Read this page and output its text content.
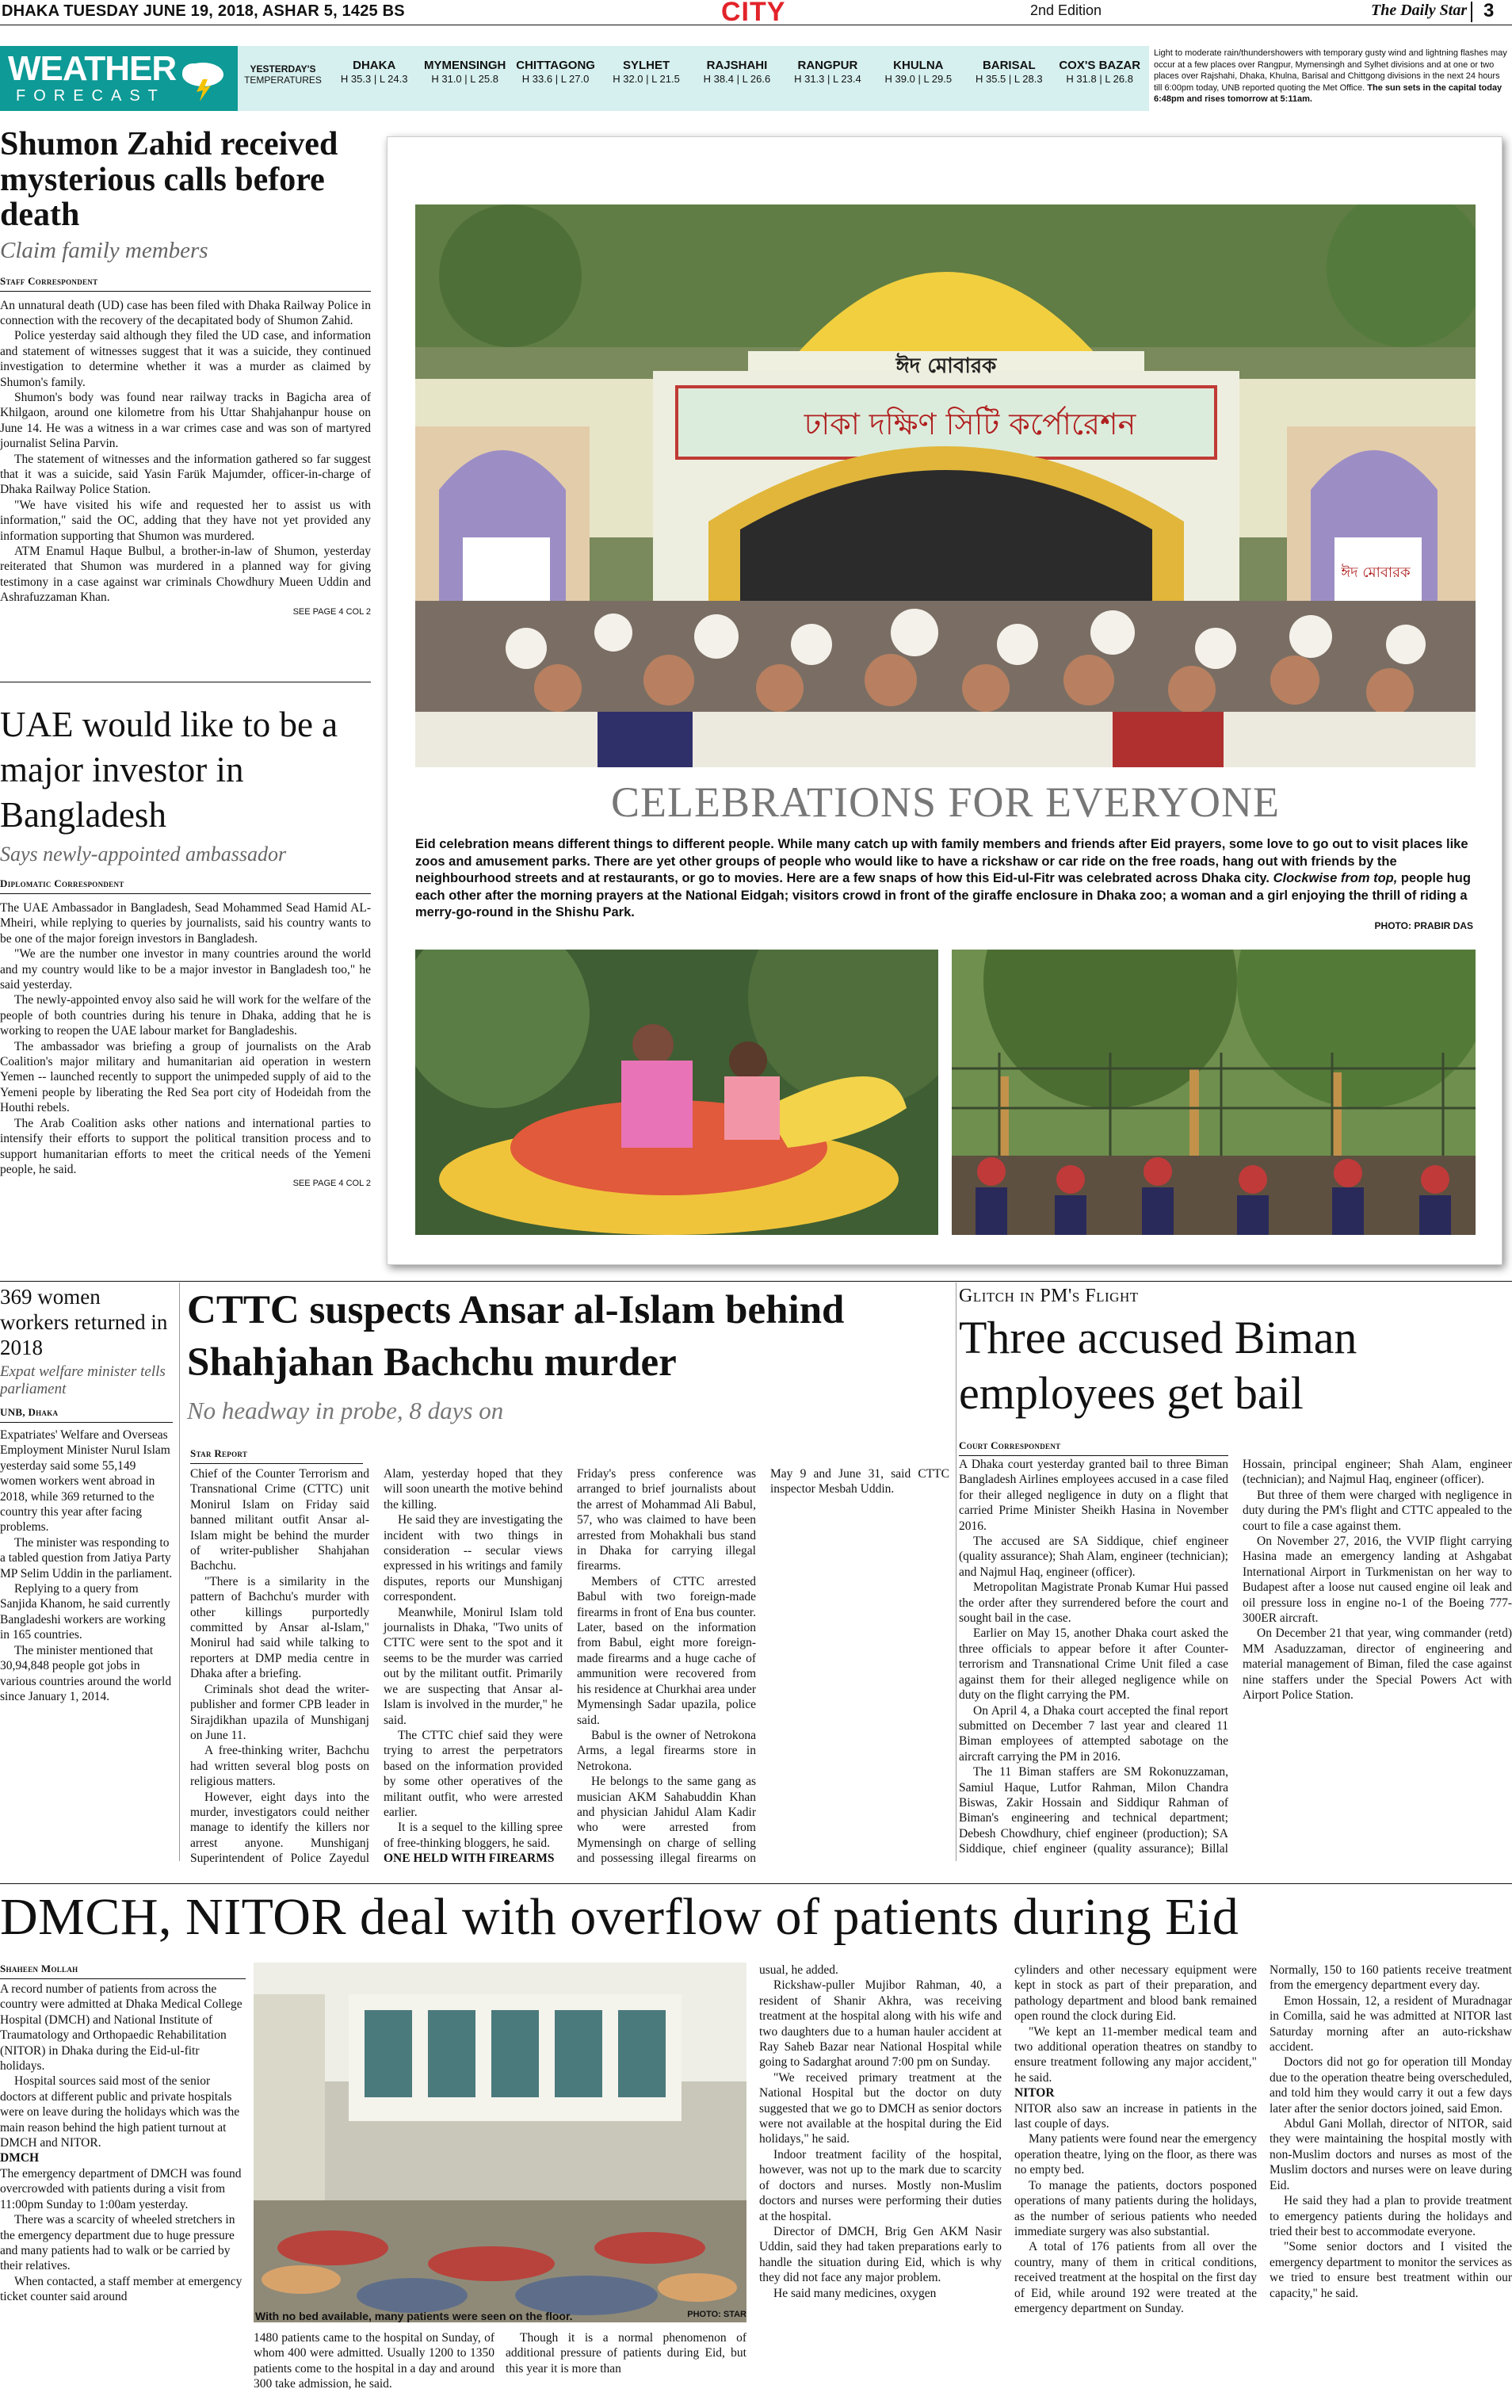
DHAKA TUESDAY JUNE 19, 2018, ASHAR 5, 1425 BS	CITY	2nd Edition	The Daily Star 3
WEATHER
FORECAST
YESTERDAY'S
TEMPERATURES
DHAKA
H 35.3 | L 24.3
MYMENSINGH
H 31.0 | L 25.8
CHITTAGONG
H 33.6 | L 27.0
SYLHET
H 32.0 | L 21.5
RAJSHAHI
H 38.4 | L 26.6
RANGPUR
H 31.3 | L 23.4
KHULNA
H 39.0 | L 29.5
BARISAL
H 35.5 | L 28.3
COX'S BAZAR
H 31.8 | L 26.8
Light to moderate rain/thundershowers with temporary gusty wind and lightning flashes may occur at a few places over Rangpur, Mymensingh and Sylhet divisions and at one or two places over Rajshahi, Dhaka, Khulna, Barisal and Chittgong divisions in the next 24 hours till 6:00pm today, UNB reported quoting the Met Office. The sun sets in the capital today 6:48pm and rises tomorrow at 5:11am.
Shumon Zahid received mysterious calls before death
Claim family members
Staff Correspondent

An unnatural death (UD) case has been filed with Dhaka Railway Police in connection with the recovery of the decapitated body of Shumon Zahid.

Police yesterday said although they filed the UD case, and information and statement of witnesses suggest that it was a suicide, they continued investigation to determine whether it was a murder as claimed by Shumon's family.

Shumon's body was found near railway tracks in Bagicha area of Khilgaon, around one kilometre from his Uttar Shahjahanpur house on June 14. He was a witness in a war crimes case and was son of martyred journalist Selina Parvin.

The statement of witnesses and the information gathered so far suggest that it was a suicide, said Yasin Farük Majumder, officer-in-charge of Dhaka Railway Police Station.

"We have visited his wife and requested her to assist us with information," said the OC, adding that they have not yet provided any information supporting that Shumon was murdered.

ATM Enamul Haque Bulbul, a brother-in-law of Shumon, yesterday reiterated that Shumon was murdered in a planned way for giving testimony in a case against war criminals Chowdhury Mueen Uddin and Ashrafuzzaman Khan.

SEE PAGE 4 COL 2
UAE would like to be a major investor in Bangladesh
Says newly-appointed ambassador
Diplomatic Correspondent

The UAE Ambassador in Bangladesh, Sead Mohammed Sead Hamid AL-Mheiri, while replying to queries by journalists, said his country wants to be one of the major foreign investors in Bangladesh.

"We are the number one investor in many countries around the world and my country would like to be a major investor in Bangladesh too," he said yesterday.

The newly-appointed envoy also said he will work for the welfare of the people of both countries during his tenure in Dhaka, adding that he is working to reopen the UAE labour market for Bangladeshis.

The ambassador was briefing a group of journalists on the Arab Coalition's major military and humanitarian aid operation in western Yemen -- launched recently to support the unimpeded supply of aid to the Yemeni people by liberating the Red Sea port city of Hodeidah from the Houthi rebels.

The Arab Coalition asks other nations and international parties to intensify their efforts to support the political transition process and to support humanitarian efforts to meet the critical needs of the Yemeni people, he said.

SEE PAGE 4 COL 2
ঈদ মোবারক
ঢাকা দক্ষিণ সিটি কর্পোরেশন
ঈদ মোবারক
CELEBRATIONS FOR EVERYONE
Eid celebration means different things to different people. While many catch up with family members and friends after Eid prayers, some love to go out to visit places like zoos and amusement parks. There are yet other groups of people who would like to have a rickshaw or car ride on the free roads, hang out with friends by the neighbourhood streets and at restaurants, or go to movies. Here are a few snaps of how this Eid-ul-Fitr was celebrated across Dhaka city. Clockwise from top, people hug each other after the morning prayers at the National Eidgah; visitors crowd in front of the giraffe enclosure in Dhaka zoo; a woman and a girl enjoying the thrill of riding a merry-go-round in the Shishu Park.
PHOTO: PRABIR DAS
369 women workers returned in 2018
Expat welfare minister tells parliament
UNB, Dhaka

Expatriates' Welfare and Overseas Employment Minister Nurul Islam yesterday said some 55,149 women workers went abroad in 2018, while 369 returned to the country this year after facing problems.

The minister was responding to a tabled question from Jatiya Party MP Selim Uddin in the parliament.

Replying to a query from Sanjida Khanom, he said currently Bangladeshi workers are working in 165 countries.

The minister mentioned that 30,94,848 people got jobs in various countries around the world since January 1, 2014.

CTTC suspects Ansar al-Islam behind Shahjahan Bachchu murder
No headway in probe, 8 days on
Star Report

Chief of the Counter Terrorism and Transnational Crime (CTTC) unit Monirul Islam on Friday said banned militant outfit Ansar al-Islam might be behind the murder of writer-publisher Shahjahan Bachchu.

"There is a similarity in the pattern of Bachchu's murder with other killings purportedly committed by Ansar al-Islam," Monirul had said while talking to reporters at DMP media centre in Dhaka after a briefing.

Criminals shot dead the writer-publisher and former CPB leader in Sirajdikhan upazila of Munshiganj on June 11.

A free-thinking writer, Bachchu had written several blog posts on religious matters.

However, eight days into the murder, investigators could neither manage to identify the killers nor arrest anyone. Munshiganj Superintendent of Police Zayedul Alam, yesterday hoped that they will soon unearth the motive behind the killing.

He said they are investigating the incident with two things in consideration -- secular views expressed in his writings and family disputes, reports our Munshiganj correspondent.

Meanwhile, Monirul Islam told journalists in Dhaka, "Two units of CTTC were sent to the spot and it seems to be the murder was carried out by the militant outfit. Primarily we are suspecting that Ansar al-Islam is involved in the murder," he said.

The CTTC chief said they were trying to arrest the perpetrators based on the information provided by some other operatives of the militant outfit, who were arrested earlier.

It is a sequel to the killing spree of free-thinking bloggers, he said.

ONE HELD WITH FIREARMS

Friday's press conference was arranged to brief journalists about the arrest of Mohammad Ali Babul, 57, who was claimed to have been arrested from Mohakhali bus stand in Dhaka for carrying illegal firearms.

Members of CTTC arrested Babul with two foreign-made firearms in front of Ena bus counter. Later, based on the information from Babul, eight more foreign-made firearms and a huge cache of ammunition were recovered from his residence at Churkhai area under Mymensingh Sadar upazila, police said.

Babul is the owner of Netrokona Arms, a legal firearms store in Netrokona.

He belongs to the same gang as musician AKM Sahabuddin Khan and physician Jahidul Alam Kadir who were arrested from Mymensingh on charge of selling and possessing illegal firearms on May 9 and June 31, said CTTC inspector Mesbah Uddin.

Glitch in PM's Flight
Three accused Biman employees get bail
Court Correspondent

A Dhaka court yesterday granted bail to three Biman Bangladesh Airlines employees accused in a case filed for their alleged negligence in duty on a flight that carried Prime Minister Sheikh Hasina in November 2016.

The accused are SA Siddique, chief engineer (quality assurance); Shah Alam, engineer (technician); and Najmul Haq, engineer (officer).

Metropolitan Magistrate Pronab Kumar Hui passed the order after they surrendered before the court and sought bail in the case.

Earlier on May 15, another Dhaka court asked the three officials to appear before it after Counter-terrorism and Transnational Crime Unit filed a case against them for their alleged negligence while on duty on the flight carrying the PM.

On April 4, a Dhaka court accepted the final report submitted on December 7 last year and cleared 11 Biman employees of attempted sabotage on the aircraft carrying the PM in 2016.

The 11 Biman staffers are SM Rokonuzzaman, Samiul Haque, Lutfor Rahman, Milon Chandra Biswas, Zakir Hossain and Siddiqur Rahman of Biman's engineering and technical department; Debesh Chowdhury, chief engineer (production); SA Siddique, chief engineer (quality assurance); Billal Hossain, principal engineer; Shah Alam, engineer (technician); and Najmul Haq, engineer (officer).

But three of them were charged with negligence in duty during the PM's flight and CTTC appealed to the court to file a case against them.

On November 27, 2016, the VVIP flight carrying Hasina made an emergency landing at Ashgabat International Airport in Turkmenistan on her way to Budapest after a loose nut caused engine oil leak and oil pressure loss in engine no-1 of the Boeing 777-300ER aircraft.

On December 21 that year, wing commander (retd) MM Asaduzzaman, director of engineering and material management of Biman, filed the case against nine staffers under the Special Powers Act with Airport Police Station.

DMCH, NITOR deal with overflow of patients during Eid
Shaheen Mollah

A record number of patients from across the country were admitted at Dhaka Medical College Hospital (DMCH) and National Institute of Traumatology and Orthopaedic Rehabilitation (NITOR) in Dhaka during the Eid-ul-fitr holidays.

Hospital sources said most of the senior doctors at different public and private hospitals were on leave during the holidays which was the main reason behind the high patient turnout at DMCH and NITOR.

DMCH

The emergency department of DMCH was found overcrowded with patients during a visit from 11:00pm Sunday to 1:00am yesterday.

There was a scarcity of wheeled stretchers in the emergency department due to huge pressure and many patients had to walk or be carried by their relatives.

When contacted, a staff member at emergency ticket counter said around

With no bed available, many patients were seen on the floor.	PHOTO: STAR

1480 patients came to the hospital on Sunday, of whom 400 were admitted. Usually 1200 to 1350 patients come to the hospital in a day and around 300 take admission, he said.

Though it is a normal phenomenon of additional pressure of patients during Eid, but this year it is more than

usual, he added.

Rickshaw-puller Mujibor Rahman, 40, a resident of Shanir Akhra, was receiving treatment at the hospital along with his wife and two daughters due to a human hauler accident at Ray Saheb Bazar near National Hospital while going to Sadarghat around 7:00 pm on Sunday.

"We received primary treatment at the National Hospital but the doctor on duty suggested that we go to DMCH as senior doctors were not available at the hospital during the Eid holidays," he said.

Indoor treatment facility of the hospital, however, was not up to the mark due to scarcity of doctors and nurses. Mostly non-Muslim doctors and nurses were performing their duties at the hospital.

Director of DMCH, Brig Gen AKM Nasir Uddin, said they had taken preparations early to handle the situation during Eid, which is why they did not face any major problem.

He said many medicines, oxygen

cylinders and other necessary equipment were kept in stock as part of their preparation, and pathology department and blood bank remained open round the clock during Eid.

"We kept an 11-member medical team and two additional operation theatres on standby to ensure treatment following any major accident," he said.

NITOR

NITOR also saw an increase in patients in the last couple of days.

Many patients were found near the emergency operation theatre, lying on the floor, as there was no empty bed.

To manage the patients, doctors posponed operations of many patients during the holidays, as the number of serious patients who needed immediate surgery was also substantial.

A total of 176 patients from all over the country, many of them in critical conditions, received treatment at the hospital on the first day of Eid, while around 192 were treated at the emergency department on Sunday.

Normally, 150 to 160 patients receive treatment from the emergency department every day.

Emon Hossain, 12, a resident of Muradnagar in Comilla, said he was admitted at NITOR last Saturday morning after an auto-rickshaw accident.

Doctors did not go for operation till Monday due to the operation theatre being overscheduled, and told him they would carry it out a few days later after the senior doctors joined, said Emon.

Abdul Gani Mollah, director of NITOR, said they were maintaining the hospital mostly with non-Muslim doctors and nurses as most of the Muslim doctors and nurses were on leave during Eid.

He said they had a plan to provide treatment to emergency patients during the holidays and tried their best to accommodate everyone.

"Some senior doctors and I visited the emergency department to monitor the services as we tried to ensure best treatment within our capacity," he said.
